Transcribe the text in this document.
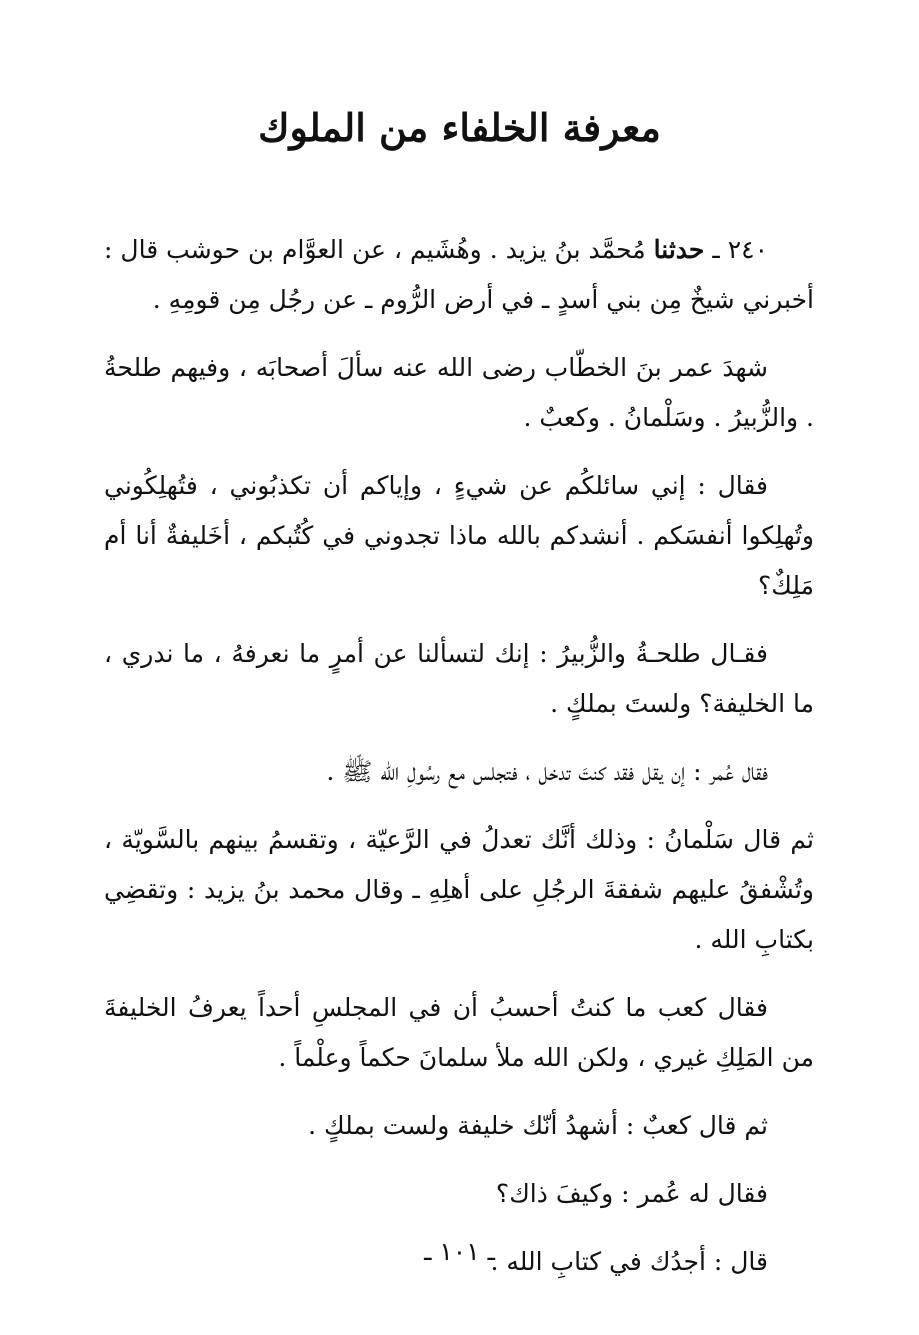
معرفة الخلفاء من الملوك

٢٤٠ ـ حدثنا مُحمَّد بنُ يزيد . وهُشَيم ، عن العوَّام بن حوشب قال : أخبرني شيخٌ مِن بني أسدٍ ـ في أرض الرُّوم ـ عن رجُل مِن قومِهِ .

شهدَ عمر بنَ الخطّاب رضى الله عنه سألَ أصحابَه ، وفيهم طلحةُ . والزُّبيرُ . وسَلْمانُ . وكعبٌ .

فقال : إني سائلكُم عن شيءٍ ، وإياكم أن تكذبُوني ، فتُهلِكُوني وتُهلِكوا أنفسَكم . أنشدكم بالله ماذا تجدوني في كُتُبكم ، أخَليفةٌ أنا أم مَلِكٌ؟

فقـال طلحـةُ والزُّبيرُ : إنك لتسألنا عن أمرٍ ما نعرفهُ ، ما ندري ، ما الخليفة؟ ولستَ بملكٍ .

فقال عُمر : إن يقل فقد كنتَ تدخل ، فتجلس مع رسُولِ الله ﷺ .

ثم قال سَلْمانُ : وذلك أنَّك تعدلُ في الرَّعيّة ، وتقسمُ بينهم بالسَّويّة ، وتُشْفقُ عليهم شفقةَ الرجُلِ على أهلِهِ ـ وقال محمد بنُ يزيد : وتقضِي بكتابِ الله .

فقال كعب ما كنتُ أحسبُ أن في المجلسِ أحداً يعرفُ الخليفةَ من المَلِكِ غيري ، ولكن الله ملأ سلمانَ حكماً وعلْماً .

ثم قال كعبٌ : أشهدُ أنّك خليفة ولست بملكٍ .

فقال له عُمر : وكيفَ ذاك؟

قال : أجدُك في كتابِ الله .

ـ ١٠١ ـ
